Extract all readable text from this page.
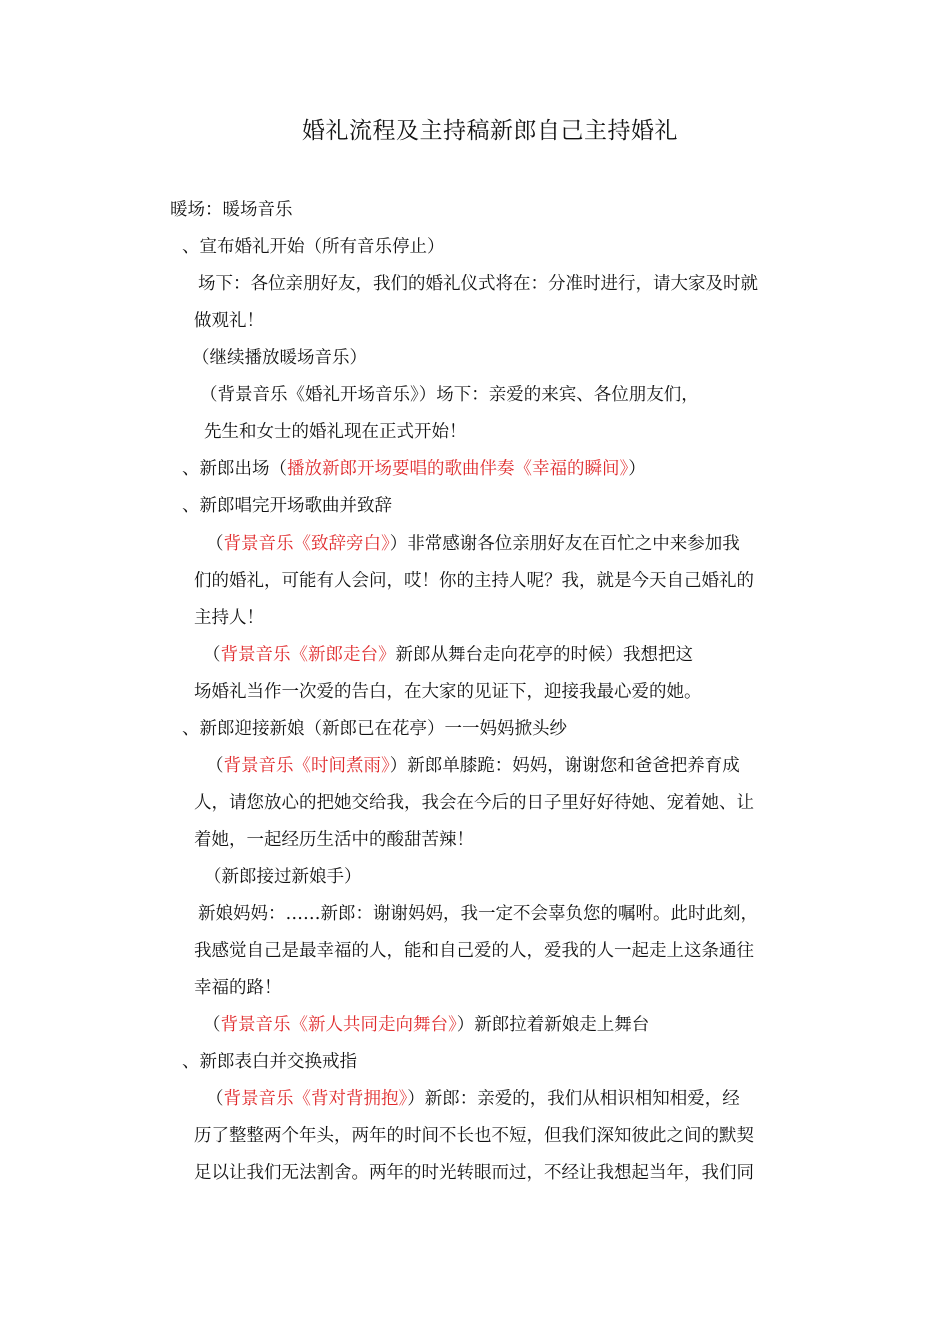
婚礼流程及主持稿新郎自己主持婚礼
暖场：暖场音乐
、宣布婚礼开始（所有音乐停止）
场下：各位亲朋好友，我们的婚礼仪式将在：分准时进行，请大家及时就
做观礼！
（继续播放暖场音乐）
（背景音乐《婚礼开场音乐》）场下：亲爱的来宾、各位朋友们，
先生和女士的婚礼现在正式开始！
、新郎出场（播放新郎开场要唱的歌曲伴奏《幸福的瞬间》）
、新郎唱完开场歌曲并致辞
（背景音乐《致辞旁白》）非常感谢各位亲朋好友在百忙之中来参加我
们的婚礼，可能有人会问，哎！你的主持人呢？我，就是今天自己婚礼的
主持人！
（背景音乐《新郎走台》新郎从舞台走向花亭的时候）我想把这
场婚礼当作一次爱的告白，在大家的见证下，迎接我最心爱的她。
、新郎迎接新娘（新郎已在花亭）一一妈妈掀头纱
（背景音乐《时间煮雨》）新郎单膝跪：妈妈，谢谢您和爸爸把养育成
人，请您放心的把她交给我，我会在今后的日子里好好待她、宠着她、让
着她，一起经历生活中的酸甜苦辣！
（新郎接过新娘手）
新娘妈妈：……新郎：谢谢妈妈，我一定不会辜负您的嘱咐。此时此刻，
我感觉自己是最幸福的人，能和自己爱的人，爱我的人一起走上这条通往
幸福的路！
（背景音乐《新人共同走向舞台》）新郎拉着新娘走上舞台
、新郎表白并交换戒指
（背景音乐《背对背拥抱》）新郎：亲爱的，我们从相识相知相爱，经
历了整整两个年头，两年的时间不长也不短，但我们深知彼此之间的默契
足以让我们无法割舍。两年的时光转眼而过，不经让我想起当年，我们同
